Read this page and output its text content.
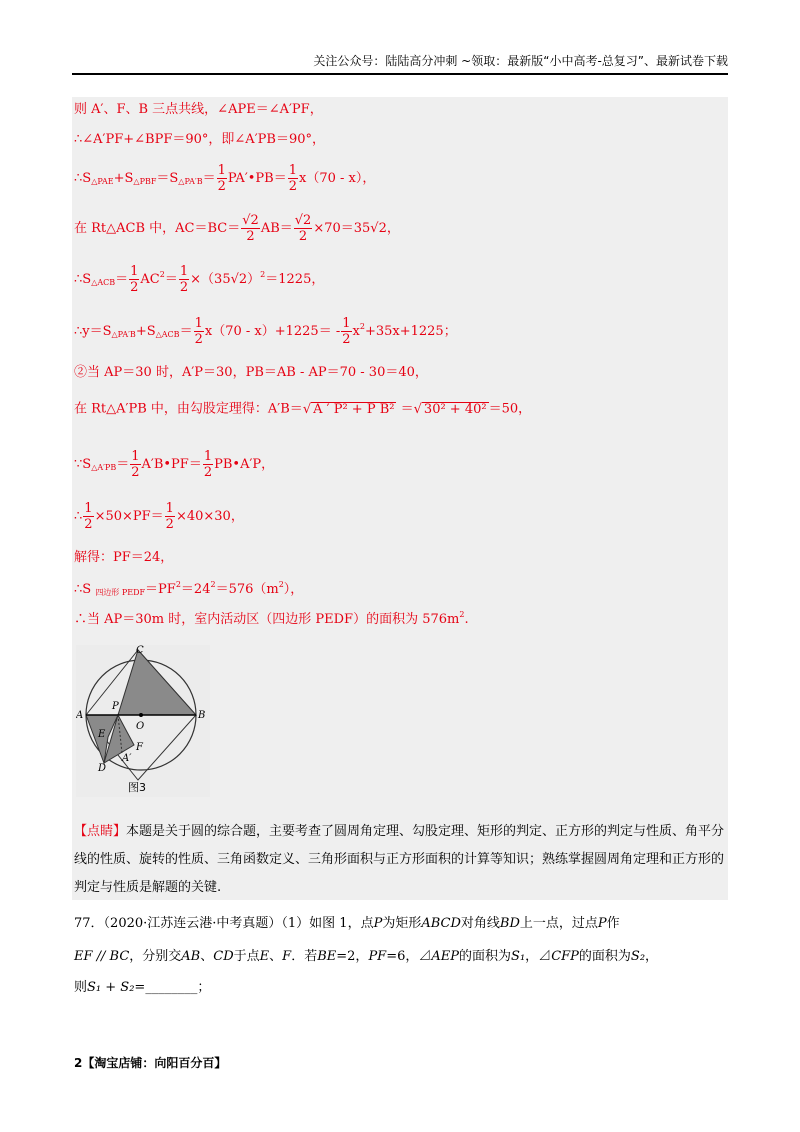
关注公众号：陆陆高分冲刺 ~领取：最新版“小中高考-总复习”、最新试卷下载
则 A′、F、B 三点共线，∠APE＝∠A′PF，
∴∠A′PF+∠BPF＝90°，即∠A′PB＝90°，
$\therefore S_{\triangle PAE}+S_{\triangle PBF}=S_{\triangle PA'B}= \frac{1}{2}$ PA′•PB＝ $\frac{1}{2} x(70 - x)$，
在 Rt△ACB 中，$AC=BC= \frac{√2}{2} AB= \frac{√2}{2} \times 70=35√2$，
$\therefore S_{\triangle ACB}= \frac{1}{2} AC^2= \frac{1}{2} \times(35√2)^2=1225$，
$\therefore y=S_{\triangle PA'B}+S_{\triangle ACB}= \frac{1}{2} x(70 - x)+1225= - \frac{1}{2} x^2+35x+1225$；
②当 AP＝30 时，A′P＝30，PB＝AB - AP＝70 - 30＝40，
在 Rt△A′PB 中，由勾股定理得：A′B＝√ A ′ P² + P B² ＝√ 30² + 40² ＝50，
$\because S_{\triangle A'PB}= \frac{1}{2}$ A′B•PF＝ $\frac{1}{2}$ PB•A′P，
∴ $\frac{1}{2} \times 50\times PF= \frac{1}{2} \times 40\times 30$，
解得：PF＝24，
∴S $_{四边形 PEDF}=PF^2=24^2=576(m^2)$，
∴当 AP＝30m 时，室内活动区（四边形 PEDF）的面积为 $576m^2$.
C
A	B
P
O
E
F
D
A′
图3
【点睛】本题是关于圆的综合题，主要考查了圆周角定理、勾股定理、矩形的判定、正方形的判定与性质、角平分线的性质、旋转的性质、三角函数定义、三角形面积与正方形面积的计算等知识；熟练掌握圆周角定理和正方形的判定与性质是解题的关键.
77．（2020·江苏连云港·中考真题）（1）如图 1，点P为矩形ABCD对角线BD上一点，过点P作
EF // BC，分别交AB、CD于点E、F．若BE=2，PF=6，⊿AEP的面积为S₁，⊿CFP的面积为S₂，
则S₁ + S₂=________；
2【淘宝店铺：向阳百分百】
